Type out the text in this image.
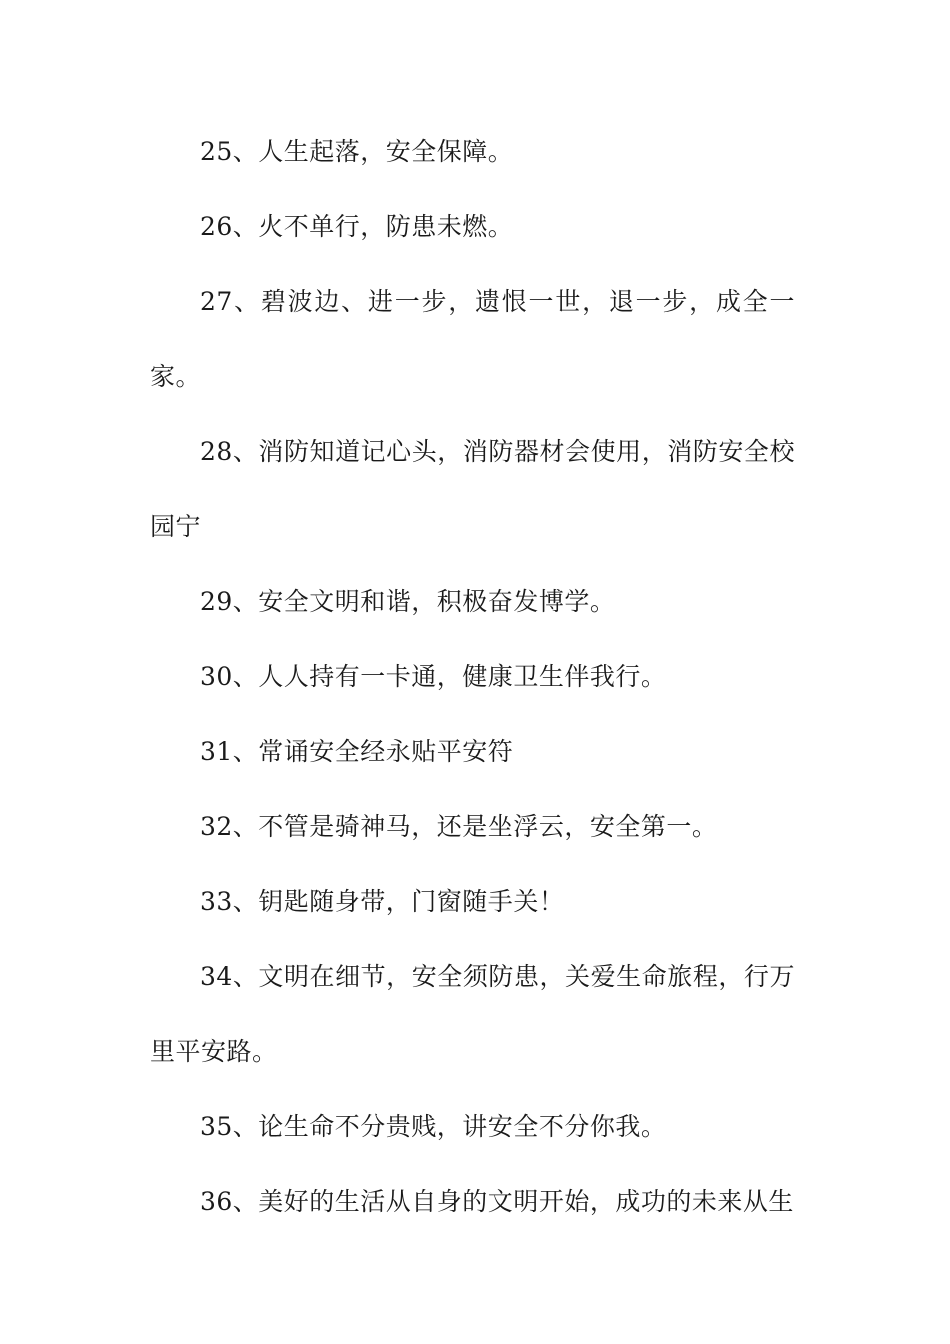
25、人生起落，安全保障。

26、火不单行，防患未燃。

27、碧波边、进一步，遗恨一世，退一步，成全一家。

28、消防知道记心头，消防器材会使用，消防安全校园宁

29、安全文明和谐，积极奋发博学。

30、人人持有一卡通，健康卫生伴我行。

31、常诵安全经永贴平安符

32、不管是骑神马，还是坐浮云，安全第一。

33、钥匙随身带，门窗随手关！

34、文明在细节，安全须防患，关爱生命旅程，行万里平安路。

35、论生命不分贵贱，讲安全不分你我。

36、美好的生活从自身的文明开始，成功的未来从生
